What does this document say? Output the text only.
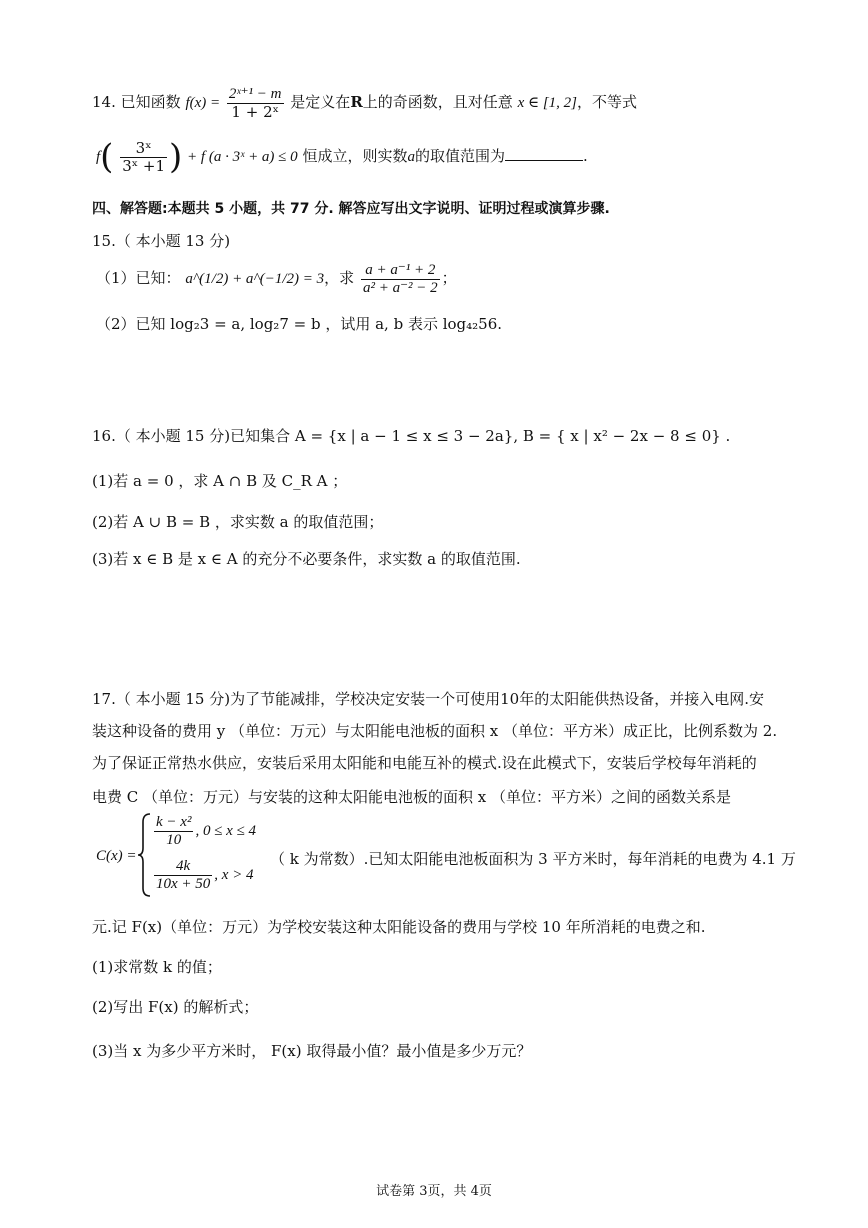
14. 已知函数 $f(x) = \frac{\text{2ˣ⁺¹ − m}}{\text{1 + 2ˣ}}$ 是定义在R上的奇函数，且对任意 x ∈ [1, 2]，不等式
$f( \frac{\text{3ˣ}}{\text{3ˣ +1}}$ ) + f (a · 3ˣ + a) ≤ 0 恒成立，则实数a的取值范围为	.
四、解答题:本题共 5 小题，共 77 分. 解答应写出文字说明、证明过程或演算步骤.
15.（ 本小题 13 分)
（1）已知： a^(1/2) + a^(−1/2) = 3，求 $\frac{\text{a + a⁻¹ + 2}}{\text{a² + a⁻² − 2}}$ ；
（2）已知 log₂3 = a, log₂7 = b ，试用 a, b 表示 log₄₂56.
16.（ 本小题 15 分)已知集合 A = {x | a − 1 ≤ x ≤ 3 − 2a}, B = { x | x² − 2x − 8 ≤ 0} .
(1)若 a = 0 ，求 A ∩ B 及 C_R A ；
(2)若 A ∪ B = B ，求实数 a 的取值范围；
(3)若 x ∈ B 是 x ∈ A 的充分不必要条件，求实数 a 的取值范围.
17.（ 本小题 15 分)为了节能减排，学校决定安装一个可使用10年的太阳能供热设备，并接入电网.安
装这种设备的费用 y （单位：万元）与太阳能电池板的面积 x （单位：平方米）成正比，比例系数为 2.
为了保证正常热水供应，安装后采用太阳能和电能互补的模式.设在此模式下，安装后学校每年消耗的
电费 C （单位：万元）与安装的这种太阳能电池板的面积 x （单位：平方米）之间的函数关系是
C(x) =
$\frac{\text{k − x²}}{10}$ , 0 ≤ x ≤ 4
$\frac{4k}{10x + 50}$ , x > 4
（ k 为常数）.已知太阳能电池板面积为 3 平方米时，每年消耗的电费为 4.1 万
元.记 F(x)（单位：万元）为学校安装这种太阳能设备的费用与学校 10 年所消耗的电费之和.
(1)求常数 k 的值；
(2)写出 F(x) 的解析式；
(3)当 x 为多少平方米时， F(x) 取得最小值？最小值是多少万元？
试卷第 3页，共 4页
